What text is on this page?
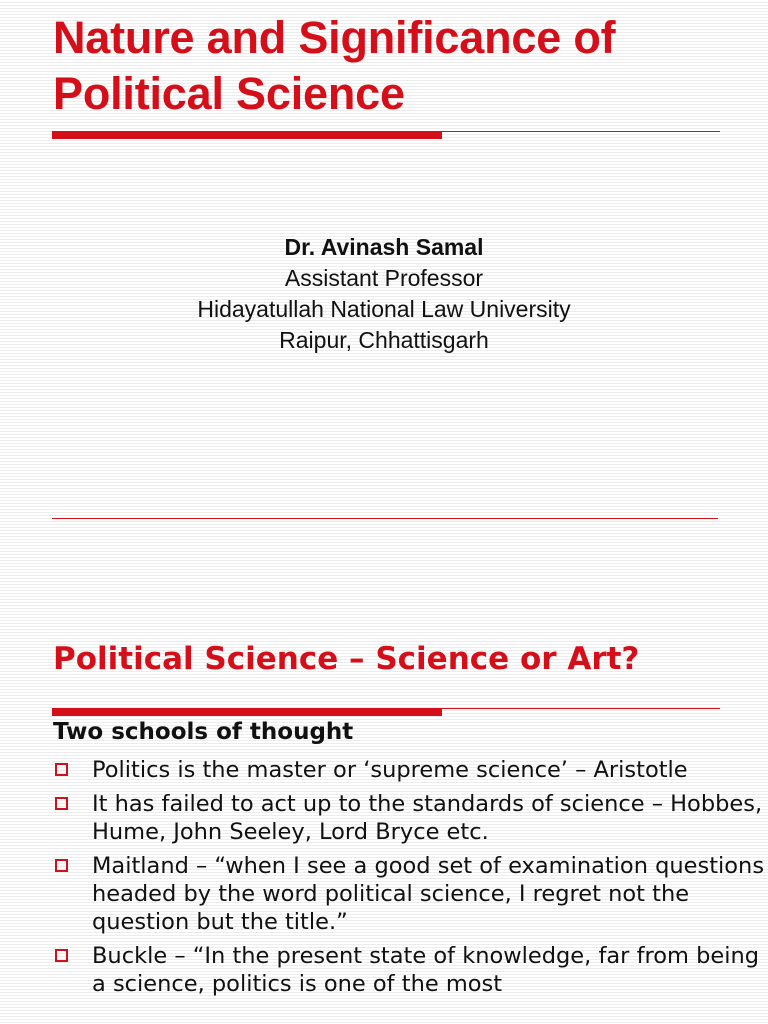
Nature and Significance of
Political Science
Dr. Avinash Samal
Assistant Professor
Hidayatullah National Law University
Raipur, Chhattisgarh
Political Science – Science or Art?
Two schools of thought
Politics is the master or ‘supreme science’ – Aristotle
It has failed to act up to the standards of science – Hobbes, Hume, John Seeley, Lord Bryce etc.
Maitland – “when I see a good set of examination questions headed by the word political science, I regret not the question but the title.”
Buckle – “In the present state of knowledge, far from being a science, politics is one of the most
